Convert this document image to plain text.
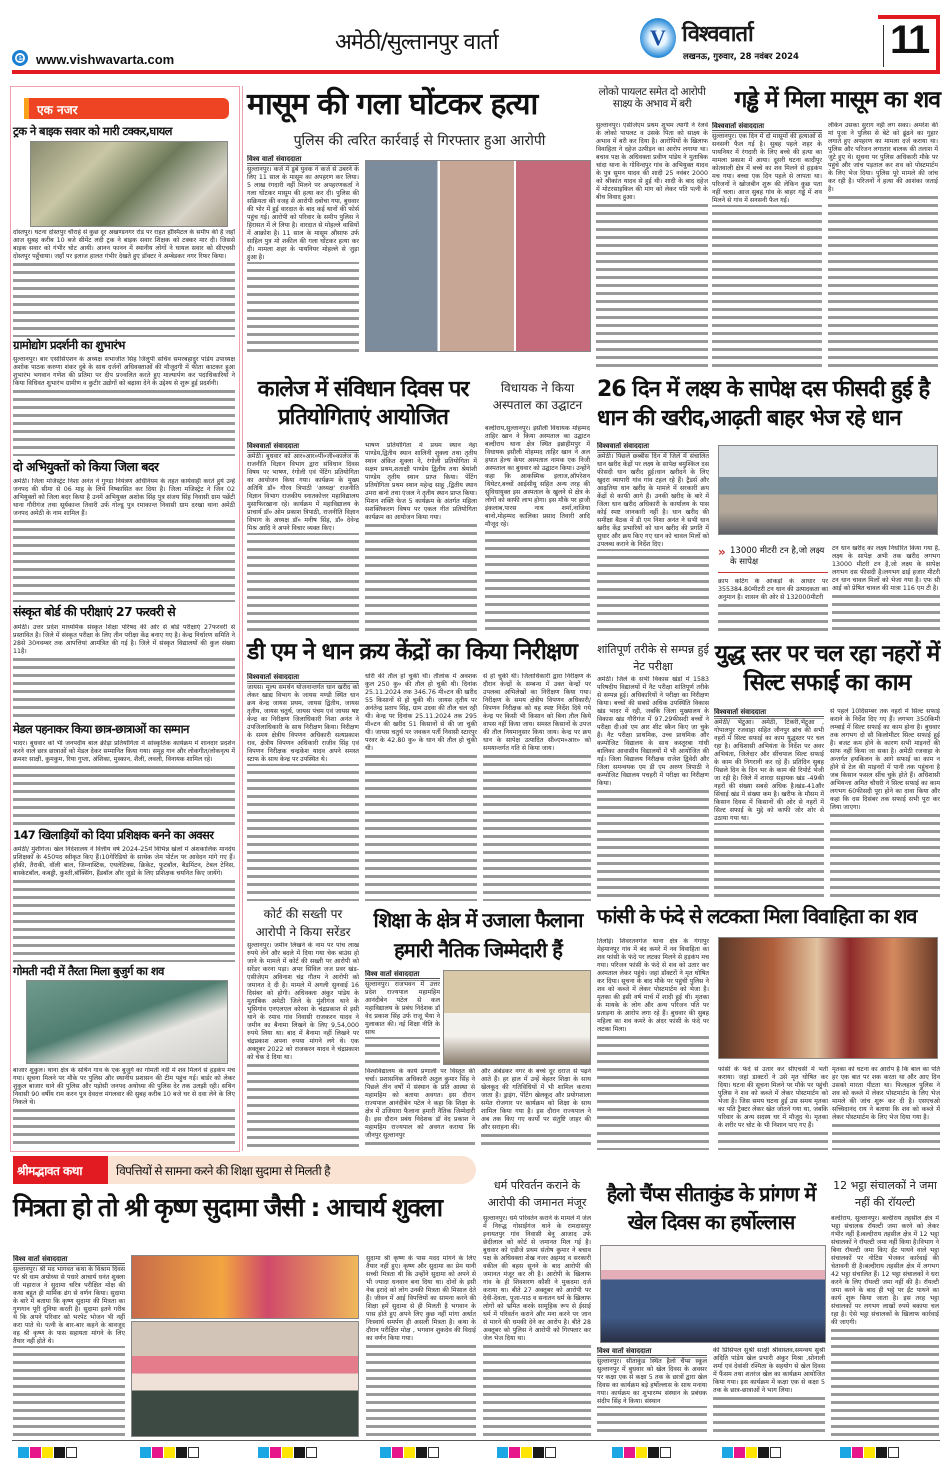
e www.vishwavarta.com
अमेठी/सुल्तानपुर वार्ता	V विश्ववार्ता
लखनऊ, गुरुवार, 28 नवंबर 2024 11
एक नजर
ट्रक ने बाइक सवार को मारी टक्कर,घायल

दोस्तपुर। घटना दोस्तपुर चौराहे से कुछ दूर अखण्डनगर रोड पर राहत हॉस्पिटल के समीप की है जहाँ आज सुबह करीब 10 बजे सीमेंट लदी ट्रक ने बाइक सवार शिक्षक को टक्कर मार दी। जिससे बाइक सवार को गंभीर चोट आयी। आनन फानन में स्थानीय लोगों ने घायल सवार को सीएचसी दोस्तपुर पहुँचाया। जहाँ पर इलाज हालत गंभीर देखते हुए डॉक्टर ने अम्बेडकर नगर रिफर किया।

ग्रामोद्योग प्रदर्शनी का शुभारंभ

सुल्तानपुर। बार एसोसिएशन के अध्यक्ष सभाजीत सिंह जिलुपी सचिव समरबहादुर पांडेय उपाध्यक्ष अशोक पाठक करुणा शंकर दुबे के साथ दर्जनों अधिवक्ताओं की मौजूदगी में फीता काटकर हुआ शुभारंभ भगवान गणेश की प्रतिमा पर दीप प्रज्वलित करते हुए माल्यार्पण कर पदाधिकारियों ने किया विधिवत शुभारंभ ग्रामीण व कुटीर उद्योगों को बढ़ावा देने के उद्देश्य से शुरू हुई प्रदर्शनी।

दो अभियुक्तों को किया जिला बदर

अमेठी। जिला मजिस्ट्रेट निशा अनंत ने गुण्डा नियंत्रण अधिनियम के तहत कार्यवाही करते हुये उन्हें जनपद की सीमा से 06 माह के लिये निष्कासित कर दिया है। जिला मजिस्ट्रेट ने जिन 02 अभियुक्तों को जिला बदर किया है उनमें अभियुक्त अशोक सिंह पुत्र संजय सिंह निवासी ग्राम पछेंटी थाना गौरीगंज तथा सूर्यकान्त तिवारी उर्फ गोल्डू पुत्र रमाकान्त निवासी ग्राम दरखा थाना अमेठी जनपद अमेठी के नाम शामिल हैं।

संस्कृत बोर्ड की परीक्षाएं 27 फरवरी से

अमेठी। उत्तर प्रदेश माध्यमिक संस्कृत शिक्षा परिषद की ओर से बोर्ड परीक्षाएं 27फरवरी से प्रस्तावित है। जिले में संस्कृत परीक्षा के लिए तीन परीक्षा केंद्र बनाए गए है। केन्द्र निर्धारण समिति ने 28से 30नवम्बर तक आपत्तियां आमंत्रित की गई है। जिले में संस्कृत विद्यालयों की कुल संख्या 11है।

मेडल पहनाकर किया छात्र-छात्राओं का सम्मान

भादर। बुधवार को भी जनपदीय बाल क्रीड़ा प्रतियोगिता में सांस्कृतिक कार्यक्रम में शानदार प्रदर्शन करने वाले छात्र छात्राओं को मेडल देकर सम्मानित किया गया। समूह गान और लोकगीत/लोकनृत्य में क्रमशः साक्षी, कुमकुम, रिया गुप्ता, अंशिका, मुस्कान, शैली, लवली, विनायक शामिल रहे।

147 खिलाड़ियों को दिया प्रशिक्षक बनने का अवसर

अमेठी/ मुंशीगंज। खेल निदेशालय ने वित्तीय वर्ष 2024-25में विभिन्न खेलों में अंशकालिक मानदेय प्रशिक्षकों के 450पद स्वीकृत किए हैं।10गेरिडियो के साथेक जेम पोर्टल पर आवेदन मांगे गए हैं। हॉकी, तैराकी, वॉली बाल, जिम्नास्टिक, एथलेटिक्स, क्रिकेट, फुटबॉल, बैडमिंटन, टेबल टेनिस, बास्केटबॉल, कबड्डी, कुश्ती,बॉक्सिंग, हैंडबॉल और जूडो के लिए प्रशिक्षक चयनित किए जायेंगे।

गोमती नदी में तैरता मिला बुजुर्ग का शव

बाजार शुकुल। थाना क्षेत्र के सथिन गाव के एक बुजुर्ग का गोमती नदी में शव मिलने से हड़कंप मच गया। सूचना मिलने पर मौके पर पुलिस और स्थानीय प्रशासन की टीम पहुंच गई। बार्डर को लेकर शुकुल बाजार थाने की पुलिस और पड़ोसी जनपद अयोध्या की पुलिस देर तक उलझी रही। सथिन निवासी 90 वर्षीय राम करन पुत्र देवदत्त मंगलवार की सुबह करीब 10 बजे घर से दवा लेने के लिए निकले थे।

मासूम की गला घोंटकर हत्या
पुलिस की त्वरित कार्रवाई से गिरफ्तार हुआ आरोपी
विश्व वार्ता संवाददाता

सुल्तानपुर। कर्ज में डूबे युवक ने कर्ज से उबरने के लिए 11 साल के मासूम का अपहरण कर लिया। 5 लाख रंगदारी नहीं मिलने पर अपहरणकर्ता ने गला घोंटकर मासूम की हत्या कर दी। पुलिस की सक्रियता की वजह से आरोपी दबोचा गया, बुधवार की भोर में हुई वारदात के बाद कई थानों की फोर्स पहुंच गई। आरोपी को परिवार के समीप पुलिस ने हिरासत में ले लिया है। वारदात से मोहल्ले वासियों में आक्रोश है। 11 साल के मासूम औसाफ उर्फ साहिल पुत्र मो शकील की गला घोंटकर हत्या कर दी। मामला शहर के पायनियर मोहल्ले से जुड़ा हुआ है।

लोको पायलट समेत दो आरोपी साक्ष्य के अभाव में बरी

सुल्तानपुर। एसीजेएम प्रथम शुभम त्यागी ने रेलवे के लोको पायलट व उसके पिता को साक्ष्य के अभाव में बरी कर दिया है। आरोपियों के खिलाफ विवाहिता ने दहेज उत्पीड़न का आरोप लगाया था। बचाव पक्ष के अधिवक्ता प्रवीण पांडेय ने मुताबिक चांदा थाना के गोविन्दपुर गांव के अभियुक्त यादव के पुत्र सुमन यादव की शादी 25 नवंबर 2000 को श्रीकांत यादव से हुई थी। शादी के बाद दहेज में मोटरसाइकिल की मांग को लेकर पति पत्नी के बीच विवाद हुआ।

गड्ढे में मिला मासूम का शव
विश्ववार्ता संवाददाता

सुल्तानपुर। एक दिन में दो मासूमों की हत्याओं से सनसनी फैल गई है। सुबह पहले शहर के पायनियर में रंगदारी के लिए बच्चे की हत्या का मामला प्रकाश में आया। दूसरी घटना कादीपुर कोतवाली क्षेत्र में बच्चे का शव मिलने से हड़कंप मच गया। बच्चा एक दिन पहले से लापता था। परिजनों ने खोजबीन शुरू की लेकिन कुछ पता नहीं चला। आज सुबह गांव के बाहर गड्ढे में शव मिलने से गांव में सनसनी फैल गई।

लेकिन उसका सुराग नहीं लग सका। अमरेश की मां पूजा ने पुलिस से बेटे को ढूंढने का गुहार लगाते हुए अपहरण का मामला दर्ज कराया था। पुलिस और परिजन लगातार बालक की तलाश में जुटे हुए थे। सूचना पर पुलिस अधिकारी मौके पर पहुंचे और जांच पड़ताल कर शव को पोस्टमार्टम के लिए भेज दिया। पुलिस पूरे मामले की जांच कर रही है। परिजनों ने हत्या की आशंका जताई है।

कालेज में संविधान दिवस पर प्रतियोगिताएं आयोजित
विश्ववार्ता संवाददाता

अमेठी। बुधवार को आर०आर०पी०जी०कालेज के राजनीति विज्ञान विभाग द्वारा संविधान दिवस विषय पर भाषण, रंगोली एवं पेंटिंग प्रतियोगिता का आयोजन किया गया। कार्यक्रम के मुख्य अतिथि डॉ० गौरव त्रिपाठी 'अध्यक्ष' राजनीति विज्ञान विभाग राजकीय स्नातकोत्तर महाविद्यालय मुसाफिरखाना रहे। कार्यक्रम में महाविद्यालय के प्राचार्य डॉ० ओम प्रकाश त्रिपाठी, राजनीति विज्ञान विभाग के अध्यक्ष डॉ० मनीष सिंह, डॉ० देवेन्द्र मिश्र आदि ने अपने विचार व्यक्त किए।

भाषण प्रतियोगिता में प्रथम स्थान नेहा पाण्डेय,द्वितीय स्थान शालिनी शुक्ला तथा तृतीय स्थान अंकित शुक्ला ने, रंगोली प्रतियोगिता में सक्षम प्रथम,शताक्षी पाण्डेय द्वितीय तथा श्रेयांशी पाण्डेय तृतीय स्थान प्राप्त किया। पेंटिंग प्रतियोगिता प्रथम स्थान महेन्द्र साहू ,द्वितीय स्थान उमरा बानो तथा एंजल ने तृतीय स्थान प्राप्त किया। मिशन शक्ति फेज 5 कार्यक्रम के अंतर्गत महिला सशक्तिकरण विषय पर एकल गीत प्रतियोगिता कार्यक्रम का आयोजन किया गया।

विधायक ने किया अस्पताल का उद्घाटन

बल्दीराय,सुल्तानपुर। इसौली विधायक मोहम्मद ताहिर खान ने किया अस्पताल का उद्घाटन बल्दीराय थाना क्षेत्र स्थित इब्राहीमपुर में विधायक इसौली मोहम्मद ताहिर खान ने अल हयात हेल्थ केयर अस्पताल नामक एक निजी अस्पताल का बुधवार को उद्घाटन किया। उन्होंने कहा कि आकस्मिक इलाज,ऑपरेशन थियेटर,बच्चों आईसीयू सहित अन्य तरह की सुविधायुक्त इस अस्पताल के खुलने से क्षेत्र के लोगों को काफी लाभ होगा। इस मौके पर हाजी इंकलाब,पारस नाथ शर्मा,नाजिया बानो,मोहम्मद कालिका प्रसाद तिवारी आदि मौजूद रहे।

26 दिन में लक्ष्य के सापेक्ष दस फीसदी हुई है धान की खरीद,आढ़ती बाहर भेज रहे धान
विश्ववार्ता संवाददाता

अमेठी। पिछले छब्बीस दिन में जिले में संचालित धान खरीद केंद्रों पर लक्ष्य के सापेक्ष बमुश्किल दस फीसदी धान खरीद हुई।धान खरीदने के लिए खुदरा व्यापारी गांव गांव टहल रहे हैं। ट्रैडर्स और आढ़तिया धान खरीद के मामले में सरकारी क्रय केंद्रों से काफी आगे हैं। उनकी खरीद के बारे में जिला धान खरीद अधिकारी के कार्यालय के पास कोई स्पष्ट जानकारी नहीं है। धान खरीद की समीक्षा बैठक में डी एम निशा अनंत ने सभी धान खरीद केंद्र प्रभारियों को धान खरीद की प्रगति में सुधार और क्रय किए गए धान को चावल मिलों को उपलब्ध कराने के निर्देश दिए।

» 13000 मीटरी टन है,जो लक्ष्य के सापेक्ष

क्राप कटिंग के आंकड़ों के आधार पर 355384.80मीटरी टन धान की उत्पादकता का अनुमान है। शासन की ओर से 132000मीटरी

टन धान खरीद का लक्ष्य निर्धारित किया गया है, लक्ष्य के सापेक्ष अभी तक खरीद लगभग 13000 मीटरी टन है,जो लक्ष्य के सापेक्ष लगभग दस फीसदी है।लगभग ढाई हजार मीटरी टन धान चावल मिलों को भेजा गया है। एफ सी आई को प्रेषित चावल की मात्रा 116 एम टी है।

डी एम ने धान क्रय केंद्रों का किया निरीक्षण
विश्ववार्ता संवाददाता

जायस। मूल्य समर्थन योजनान्तर्गत धान खरीद को लेकर खाद्य विभाग के जायस मण्डी स्थित धान क्रय केन्द्र जायस प्रथम, जायस द्वितीय, जायस तृतीय, जायस चतुर्थ, जायस पंचम एवं जायस षष्ट केन्द्र का निरीक्षण जिलाधिकारी निशा अनंत ने उपजिलाधिकारी के साथ निरीक्षण किया। निरीक्षण के समय क्षेत्रीय विपणन अधिकारी सत्यप्रकाश राव, क्षेत्रीय विपणन अधिकारी राजीव सिंह एवं विपणन निरीक्षक चन्द्रकेश यादव अपने समस्त स्टाफ के साथ केन्द्र पर उपस्थित थे।

धोरी की तौल हो चुकी थी। तौलांक में अवशक कुल 250 कु० की तौल हो चुकी थी। दिनांक 25.11.2024 तक 346.76 मी०टन की खरीद 55 किसानों से हो चुकी थी। जायस तृतीय पर अनंतेन्द्र प्रताप सिंह, ग्राम उदवा की तौल चल रही थी। केन्द्र पर दिनांक 25.11.2024 तक 295 मी०टन की खरीद 51 किसानों से की जा चुकी थी। जायस चतुर्थ पर जवकन पर्ती निवासी स्टारपुर परवर के 42.80 कु० के धान की तौल हो चुकी थी।

से हो चुकी थी। जिलाधिकारी द्वारा निरीक्षण के दौरान केन्द्रों के सम्बन्ध में उक्त केन्द्रों पर उपलब्ध अभिलेखों का निरीक्षण किया गया। निरीक्षण के समय क्षेत्रीय विपणन अधिकारी/विपणन निरीक्षक को यह स्पष्ट निर्देश दिये गये केन्द्र पर किसी भी किसान को बिना तौल किये वापस नहीं किया जाय। समस्त किसानों के उपज की तौल नियमानुसार किया जाय। केन्द्र पर क्रय धान के सापेक्ष उत्पादित सी०एम०आर० को समयान्तर्गत गति से किया जाय।

शांतिपूर्ण तरीके से सम्पन्न हुई नेट परीक्षा

अमेठी। जिले के सभी विकास खंडों में 1583 परिषदीय विद्यालयों में नैट परीक्षा शांतिपूर्ण तरीके से सम्पन्न हुई। अधिकारियों ने परीक्षा का निरीक्षण किया। बच्चों की सबसे अधिक उपस्थिति विकास खंड भादर में रही, जबकि जिला मुख्यालय के विकास खंड गौरीगंज में 97.29फीसदी बच्चों ने परीक्षा दी।ओ एम आर शीट स्कैन किए जा चुके हैं। नैट परीक्षा प्राथमिक, उच्च प्राथमिक और कम्पोजिट विद्यालय के साथ कस्तूरबा गांधी बालिका आवासीय विद्यालयों में भी आयोजित की गई। जिला विद्यालय निरीक्षक राजेश द्विवेदी और जिला समन्वयक एम डी एम अरुण त्रिपाठी ने कम्पोजिट विद्यालय पचहरी में परीक्षा का निरीक्षण किया।

युद्ध स्तर पर चल रहा नहरों में सिल्ट सफाई का काम
विश्ववार्ता संवाददाता

अमेठी/ भेंटुआ। अमेठी, टिकरी,भेंटुआ , गोपालपुर रजवाहा सहित जौनपुर ब्रांच की सभी नहरों में सिल्ट सफाई का काम युद्धस्तर पर चल रहा है। अधिशासी अभियंता के निर्देश पर अवर अभियंता, जिलेदार और सींचपाल सिल्ट सफाई के काम की निगरानी कर रहे हैं। प्रतिदिन सुबह पिछले दिन के दिन भर के काम की रिपोर्ट भेजी जा रही है। जिले में शारदा सहायक खंड -49की नहरों की संख्या सबसे अधिक है।खंड-41और सिंचाई खंड में संख्या कम है। खरीफ के मौसम में किसान दिवस में किसानों की ओर से नहरों में सिल्ट सफाई के मुद्दे को काफी जोर शोर से उठाया गया था।

से पहले 10दिसम्बर तक नहरों में सिल्ट सफाई कराने के निर्देश दिए गए हैं। लगभग 350किमी लम्बाई में सिल्ट सफाई का काम होना है। बुधवार तक लगभग दो सौ किलोमीटर सिल्ट सफाई हुई है। बजट कम होने के कारण सभी माइनरों की साफ नहीं किया जा सका है। अमेठी रजवाहा के अन्तर्गत हथकिलन के आगे सफाई का काम न होने से टेल की माइनरों में पानी तक पहुंचना है जब किसान फसल सींच चुके होते हैं। अधिशासी अभियन्ता अमित चौधरी ने सिल्ट सफाई का काम लगभग 60फीसदी पूरा होने का दावा किया और कहा कि दस दिसंबर तक सफाई सभी पूरा कर लिया जाएगा।

कोर्ट की सख्ती पर आरोपी ने किया सरेंडर

सुल्तानपुर। जमीन लिखने के नाम पर पांच लाख रुपये लेने और बदले में दिया गया चेक बाउंस हो जाने के मामले में कोर्ट की सख्ती पर आरोपी को सरेंडर करना पड़ा। अपर सिविल जज प्रवर खंड-एसीजेएम अविनाश चंद्र गौतम ने आरोपी को जमानत दे दी है। मामले में अगली सुनवाई 16 दिसंबर को होगी। अधिवक्ता अंकुर पांडेय के मुताबिक अमेठी जिले के मुंशीगंज थाने के भुसिगांव एनएलएल कोरवा के चंद्रप्रकाश से इसी थाने के रमाव गांव निवासी राजकरन यादव ने जमीन का बैनामा लिखने के लिए 9,54,000 रुपये लिया था। बाद में बैनामा नहीं लिखने पर चंद्रप्रकाश अपना रुपया मांगने लगे थे। एक अक्तूबर 2022 को राजकरन यादव ने चंद्रप्रकाश को चेक दे दिया था।

शिक्षा के क्षेत्र में उजाला फैलाना हमारी नैतिक जिम्मेदारी हैं
विश्व वार्ता संवाददाता

सुल्तानपुर। राजभवन में उत्तर प्रदेश राज्यपाल महामहिम आनंदीबेन पटेल से कल महाविद्यालय के प्रबंध निदेशक डॉ वेद प्रकाश सिंह उर्फ राजू भैया ने मुलाकात की। नई शिक्षा नीति के साथ

विश्वविद्यालय के कार्य प्रणाली पर विस्तृत की चर्चा। प्रशासनिक अधिकारी अतुल कुमार सिंह ने पिछले तीन वर्षों में संस्थान के प्रति आस्था से महामहिम को बताया अवगत। इस दौरान राज्यपाल आनंदीबेन पटेल ने कहा कि शिक्षा के क्षेत्र में उजियारा फैलाना हमारी नैतिक जिम्मेदारी है। इस दौरान प्रबंध निदेशक डॉ वेद प्रकाश ने महामहिम राज्यपाल को अवगत कराया कि जौनपुर सुल्तानपुर

और अंबेडकर नगर के बच्चे दूर दराज से पढ़ने आते हैं। हर हाल में उन्हें बेहतर शिक्षा के साथ खेलकूद की गतिविधियों में भी शामिल कराया जाता है। ड्राइंग, पेंटिंग खेलकूद और प्रयोगशाला समेत रोजगार पर कार्यक्रम को शिक्षा के साथ शामिल किया गया है। इस दौरान राज्यपाल ने अब तक किए गए कार्यों पर संतुष्टि जाहर की और सराहना की।

फांसी के फंदे से लटकता मिला विवाहिता का शव

तिलोई। शिवरतनगंज थाना क्षेत्र के गंगापुर मेहमानपुर गांव में बंद कमरे में नव विवाहिता का शव फांसी के फंदे पर लटका मिलने से हड़कंप मच गया। परिजन फांसी के फंदे से शव को उतार कर अस्पताल लेकर पहुंचे। जहां डॉक्टरों ने मृत घोषित कर दिया। सूचना के बाद मौके पर पहुंची पुलिस ने शव को कब्जे में लेकर पोस्टमार्टम को भेजा है। मृतका की इसी वर्ष मार्च में शादी हुई थी। मृतका के मायके के लोग और अन्य परिजन पति पर प्रताड़ना के आरोप लगा रहे हैं। बुधवार की सुबह महिला का शव कमरे के अंदर फांसी के फंदे पर लटका मिला।

फांसी के फंदे से उतार कर सीएचसी में भर्ती कराया। जहां डाक्टरों ने उसे मृत घोषित कर दिया। घटना की सूचना मिलने पर मौके पर पहुंची पुलिस ने शव को कब्जे में लेकर पोस्टमार्टम को भेजा है। जिस समय घटना हुई उस समय मृतका का पति ट्रैक्टर लेकर खेत जोतने गया था, जबकि परिवार के अन्य सदस्य घर में मौजूद थे। मृतका के शरीर पर चोट के भी निशान पाए गए हैं।

मृतका को घटना का आरोप है कि बाल का पति हर एक बात पर शक करता था और आए दिन उसको मारता पीटता था। फिलहाल पुलिस ने शव को कब्जे में लेकर पोस्टमार्टम के लिए भेज मामले की जांच शुरू कर दी है। एसएचओ सच्चिदानंद राय ने बताया कि शव को कब्जे में लेकर पोस्टमार्टम के लिए भेज दिया गया है।

श्रीमद्भावत कथा	विपत्तियों से सामना करने की शिक्षा सुदामा से मिलती है
मित्रता हो तो श्री कृष्ण सुदामा जैसी : आचार्य शुक्ला
विश्व वार्ता संवाददाता

सुल्तानपुर। श्री मद भागवत कथा के विश्राम दिवस पर श्री धाम अयोध्या से पधारे आचार्य धनंत शुक्ला जी महाराज ने सुदामा चरित्र परीक्षित मोक्ष की कथा बहुत ही मार्मिक ढंग से वर्णन किया। सुदामा के बारे में बताया कि कृष्ण सुदामा की मित्रता का गुणगान पूरी दुनिया करती है। सुदामा इतने गरीब थे कि अपने परिवार को भरपेट भोजन भी नहीं करा पाते थे। पत्नी के बार-बार कहने के बावजूद वह श्री कृष्ण के पास सहायता मांगने के लिए तैयार नहीं होते थे।

सुदामा श्री कृष्ण के पास मदद मांगने के लिए तैयार नहीं हुए। कृष्ण और सुदामा का प्रेम यानी सच्ची मित्रता थी कि उन्होंने सुदामा को अपने से भी ज्यादा धनवान बना दिया था। दोनों के इसी नेक इरादे को लोग उनकी मित्रता की मिसाल देते हैं। जीवन में आई विपत्तियों का सामना करने की शिक्षा हमें सुदामा से ही मिलती है भगवान के पास होते हुए अपने लिए कुछ नहीं मांगा अर्थात निःस्वार्थ समर्पण ही असली मित्रता है। कथा के दौरान परीक्षित मोक्ष , भगवान शुकदेव की विदाई का वर्णन किया गया।

धर्म परिवर्तन कराने के आरोपी की जमानत मंजूर

सुल्तानपुर। धर्म परिवर्तन कराने के मामले में जेल में निरुद्ध गोसाईंगंज थाने के रामदासपुर इनायतपुर गांव निवासी बेनू आजाद उर्फ छेदीलाल को कोर्ट से जमानत मिल गई है। बुधवार को एडीजे प्रथम संतोष कुमार ने बचाव पक्ष के अधिवक्ता शेख नजर अहमद व सरकारी वकील की बहस सुनने के बाद आरोपी की जमानत मंजूर कर ली है। आरोपी के खिलाफ गांव के ही शिवशरण कौशी ने मुकदमा दर्ज कराया था। बीते 27 अक्तूबर को आरोपी पर देवी-देवता, पूजा-पाठ व सनातन धर्म के खिलाफ लोगों को भ्रमित करके सामूहिक रूप से ईसाई धर्म में परिवर्तन कराने और मना करने पर जान से मारने की धमकी देने का आरोप है। बीते 28 अक्तूबर को पुलिस ने आरोपी को गिरफ्तार कर जेल भेज दिया था।

हैलो चैंप्स सीताकुंड के प्रांगण में खेल दिवस का हर्षोल्लास
विश्व वार्ता संवाददाता

सुल्तानपुर। सीताकुंड स्थित हैलो चैंप्स स्कूल सुल्तानपुर में बुधवार को खेल दिवस के अवसर पर कक्षा एक से कक्षा 5 तक के छात्रों द्वारा खेल दिवस का कार्यक्रम बड़े हर्षोल्लास के साथ मनाया गया। कार्यक्रम का शुभारम्भ संस्थान के प्रबंधक संदीप सिंह ने किया। संस्थान

की प्रिंसिपल सुश्री साक्षी श्रीवास्तव,समन्वय सुश्री अदिति पांडेय खेल प्रभारी अंकुर मिश्रा ,सोनाली शर्मा एवं देवांशी रश्मिता के सहयोग से खेल दिवस में फैंसम तथा शतरंज खेल का कार्यक्रम आयोजित किया गया। इस कार्यक्रम में कक्षा एक से कक्षा 5 तक के छात्र-छात्राओं ने भाग लिया।

12 भट्ठा संचालकों ने जमा नहीं की रॉयल्टी

बल्दीराय, सुल्तानपुर। बल्दीराय तहसील क्षेत्र में भट्ठा संचालक रॉयल्टी जमा करने को लेकर गंभीर नहीं है।बल्दीराय तहसील क्षेत्र में 12 भट्ठा संचालकों ने रॉयल्टी जमा नहीं किया है।विभाग ने बिना रॉयल्टी जमा किए ईंट पाथने वाले भट्ठा संचालकों पर नोटिस भेजकर कार्रवाई की चेतावनी दी है।बल्दीराय तहसील क्षेत्र में लगभग 42 भट्ठा संचालित हैं। 12 भट्ठा संचालकों ने धरा करने के लिए रॉयल्टी जमा नहीं की है। रॉयल्टी जमा करने के बाद ही भट्ठे पर ईंट पाथने का कार्य शुरू किया जाता है। इस तरह भट्ठा संचालकों पर लगभग लाखों रुपये बकाया चल रहा है। ऐसे भट्ठा संचालकों के खिलाफ कार्रवाई की जाएगी।
